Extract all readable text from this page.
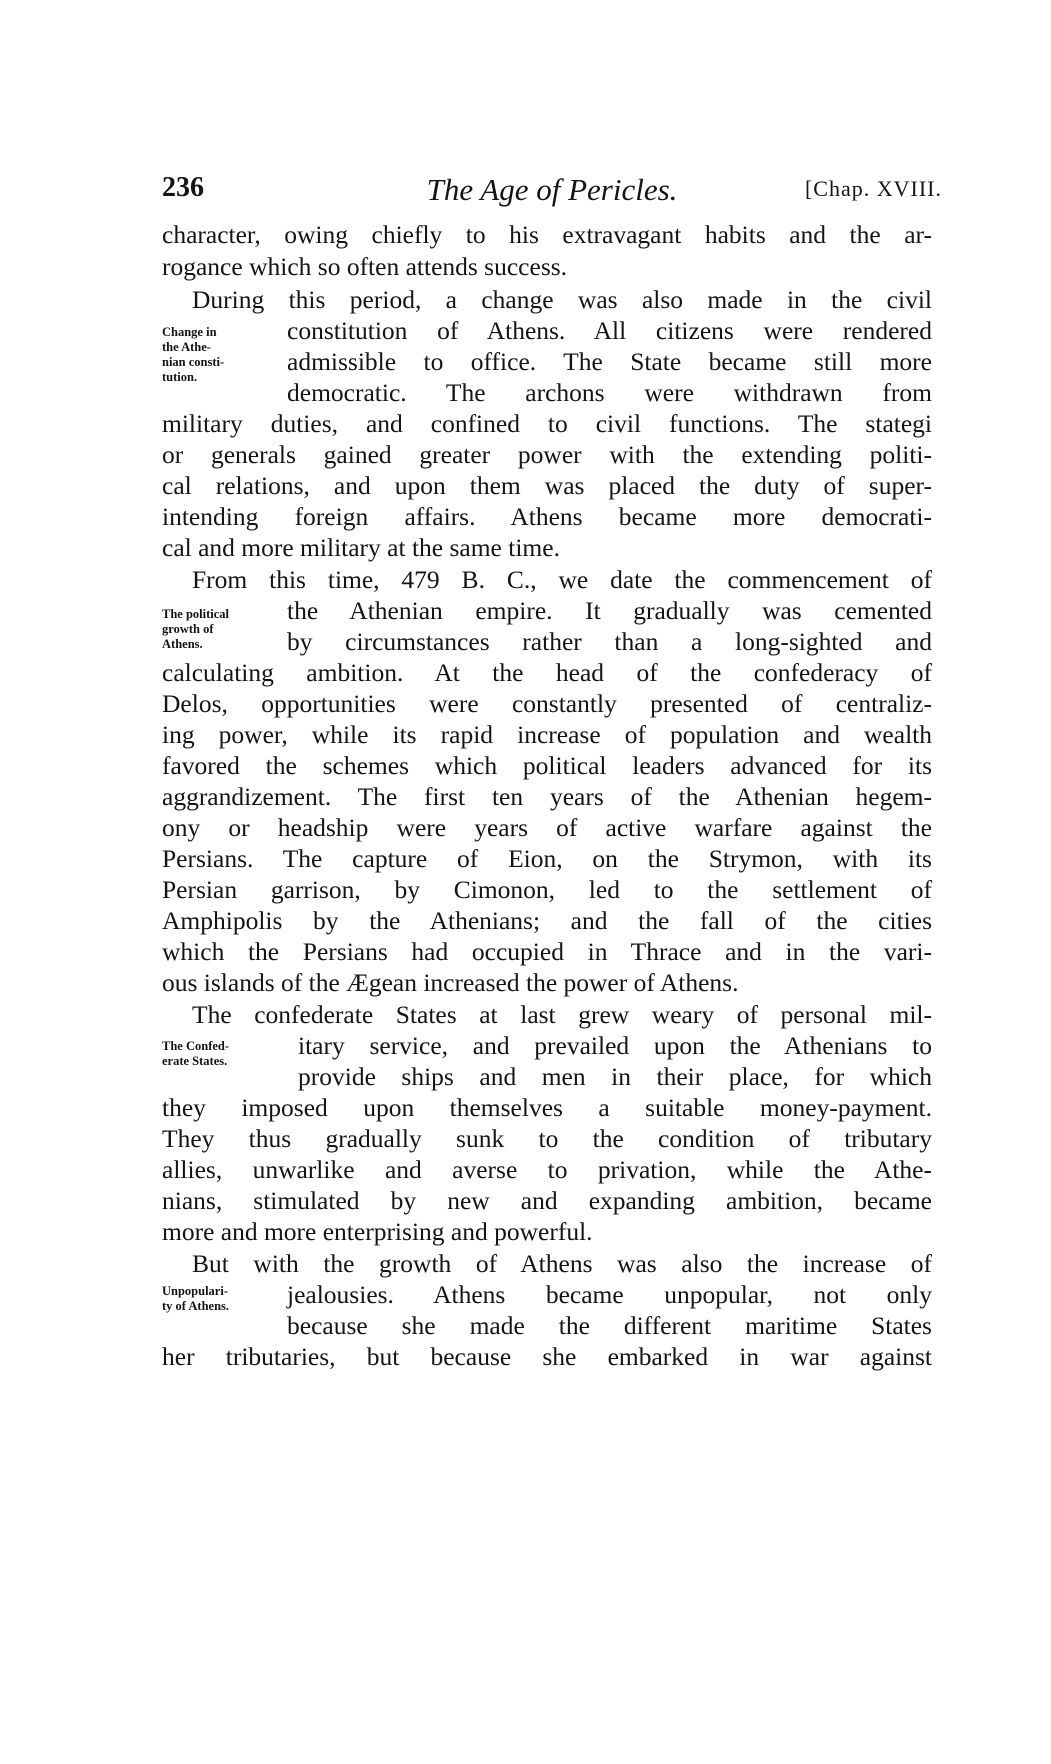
236	The Age of Pericles.	[Chap. XVIII.
Change in
the Athe-
nian consti-
tution.
The political
growth of
Athens.
The Confed-
erate States.
Unpopulari-
ty of Athens.
character, owing chiefly to his extravagant habits and the ar-
rogance which so often attends success.
During this period, a change was also made in the civil
constitution of Athens. All citizens were rendered
admissible to office. The State became still more
democratic. The archons were withdrawn from
military duties, and confined to civil functions. The stategi
or generals gained greater power with the extending politi-
cal relations, and upon them was placed the duty of super-
intending foreign affairs. Athens became more democrati-
cal and more military at the same time.
From this time, 479 B. C., we date the commencement of
the Athenian empire. It gradually was cemented
by circumstances rather than a long-sighted and
calculating ambition. At the head of the confederacy of
Delos, opportunities were constantly presented of centraliz-
ing power, while its rapid increase of population and wealth
favored the schemes which political leaders advanced for its
aggrandizement. The first ten years of the Athenian hegem-
ony or headship were years of active warfare against the
Persians. The capture of Eion, on the Strymon, with its
Persian garrison, by Cimonon, led to the settlement of
Amphipolis by the Athenians; and the fall of the cities
which the Persians had occupied in Thrace and in the vari-
ous islands of the Ægean increased the power of Athens.
The confederate States at last grew weary of personal mil-
itary service, and prevailed upon the Athenians to
provide ships and men in their place, for which
they imposed upon themselves a suitable money-payment.
They thus gradually sunk to the condition of tributary
allies, unwarlike and averse to privation, while the Athe-
nians, stimulated by new and expanding ambition, became
more and more enterprising and powerful.
But with the growth of Athens was also the increase of
jealousies. Athens became unpopular, not only
because she made the different maritime States
her tributaries, but because she embarked in war against
